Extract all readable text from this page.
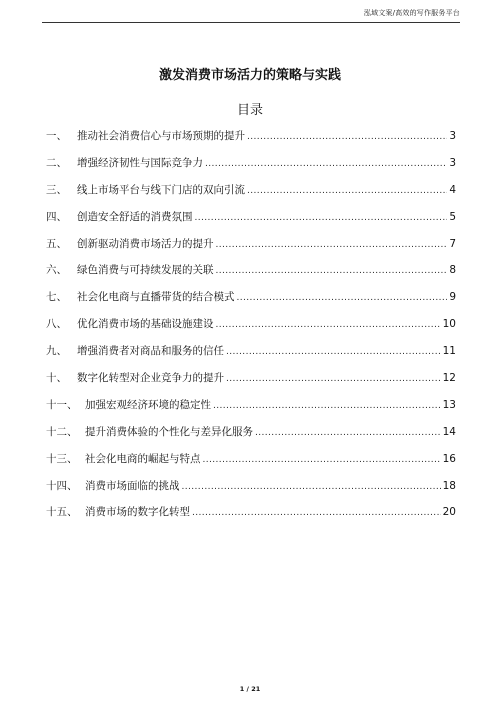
泓域文案/高效的写作服务平台
激发消费市场活力的策略与实践
目录
一、 推动社会消费信心与市场预期的提升 .....	3
二、 增强经济韧性与国际竞争力 .....	3
三、 线上市场平台与线下门店的双向引流 .....	4
四、 创造安全舒适的消费氛围 .....	5
五、 创新驱动消费市场活力的提升 .....	7
六、 绿色消费与可持续发展的关联 .....	8
七、 社会化电商与直播带货的结合模式 .....	9
八、 优化消费市场的基础设施建设 .....	10
九、 增强消费者对商品和服务的信任 .....	11
十、 数字化转型对企业竞争力的提升 .....	12
十一、 加强宏观经济环境的稳定性 .....	13
十二、 提升消费体验的个性化与差异化服务 .....	14
十三、 社会化电商的崛起与特点 .....	16
十四、 消费市场面临的挑战 .....	18
十五、 消费市场的数字化转型 .....	20
1 / 21
